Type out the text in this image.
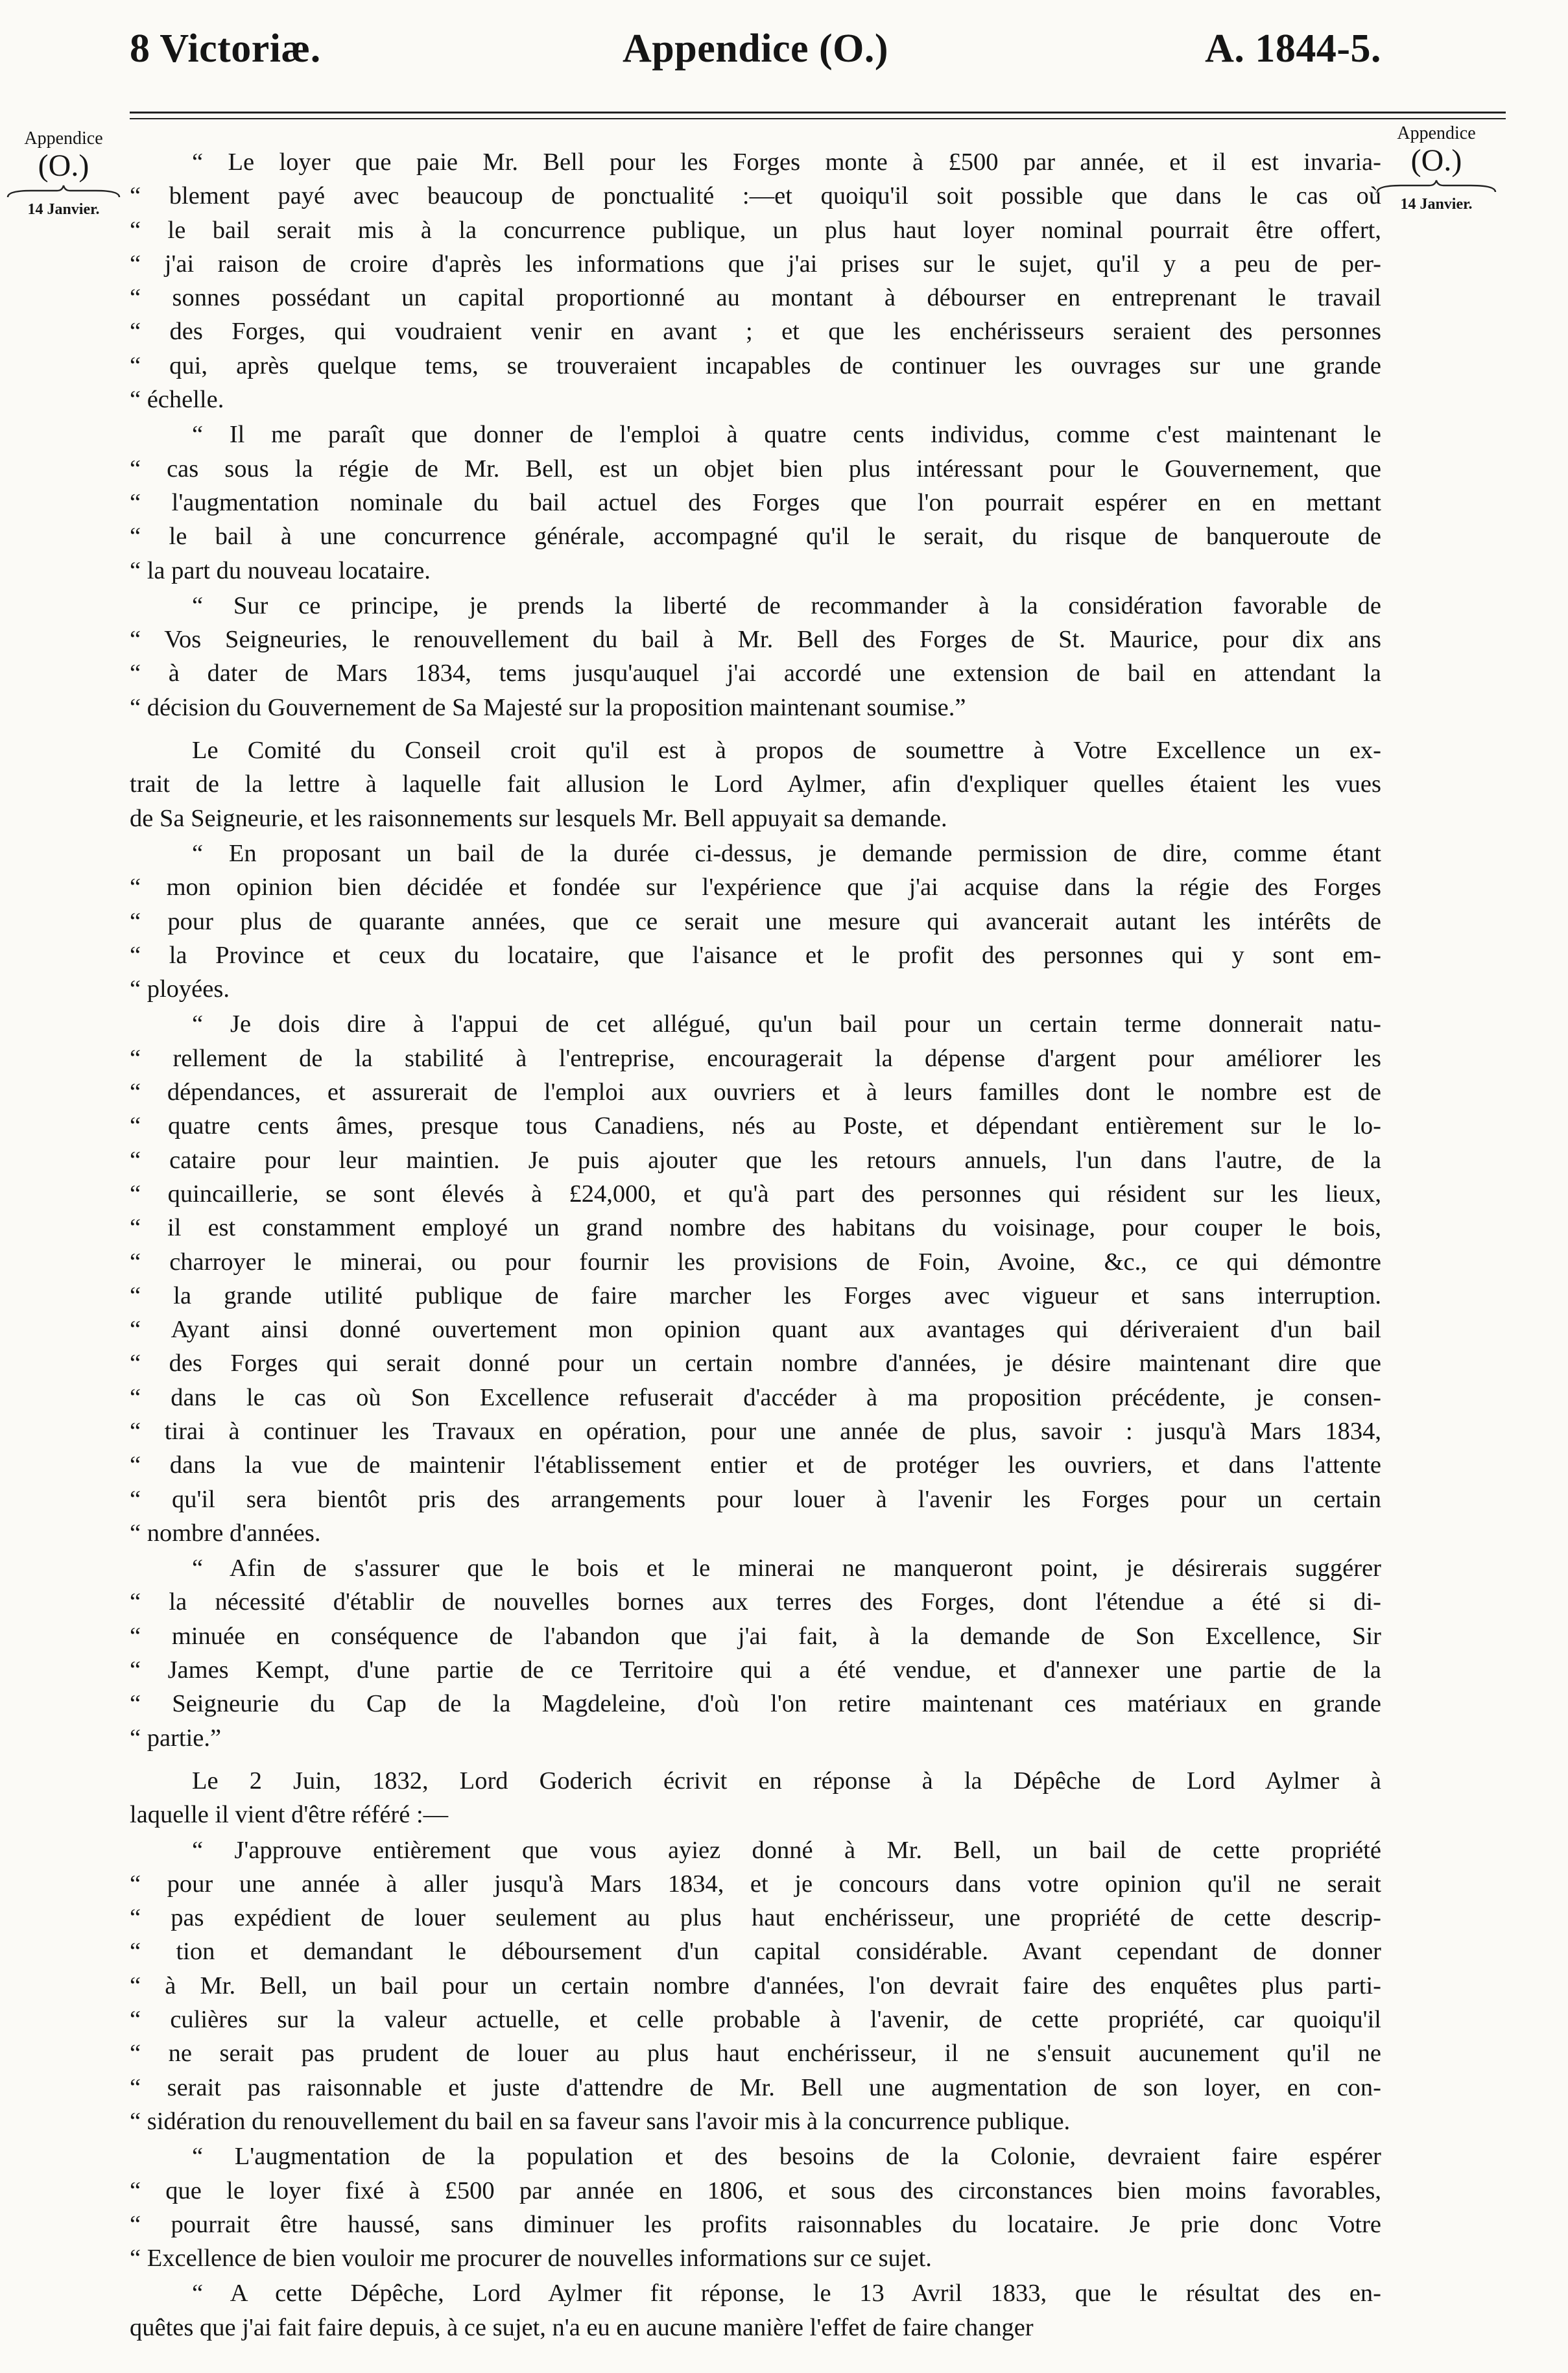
8 Victoriæ.	Appendice (O.)	A. 1844-5.
Appendice
(O.)
14 Janvier.
Appendice
(O.)
14 Janvier.

“ Le loyer que paie Mr. Bell pour les Forges monte à £500 par année, et il est invaria-
“ blement payé avec beaucoup de ponctualité :—et quoiqu'il soit possible que dans le cas où
“ le bail serait mis à la concurrence publique, un plus haut loyer nominal pourrait être offert,
“ j'ai raison de croire d'après les informations que j'ai prises sur le sujet, qu'il y a peu de per-
“ sonnes possédant un capital proportionné au montant à débourser en entreprenant le travail
“ des Forges, qui voudraient venir en avant ; et que les enchérisseurs seraient des personnes
“ qui, après quelque tems, se trouveraient incapables de continuer les ouvrages sur une grande
“ échelle.

“ Il me paraît que donner de l'emploi à quatre cents individus, comme c'est maintenant le
“ cas sous la régie de Mr. Bell, est un objet bien plus intéressant pour le Gouvernement, que
“ l'augmentation nominale du bail actuel des Forges que l'on pourrait espérer en en mettant
“ le bail à une concurrence générale, accompagné qu'il le serait, du risque de banqueroute de
“ la part du nouveau locataire.

“ Sur ce principe, je prends la liberté de recommander à la considération favorable de
“ Vos Seigneuries, le renouvellement du bail à Mr. Bell des Forges de St. Maurice, pour dix ans
“ à dater de Mars 1834, tems jusqu'auquel j'ai accordé une extension de bail en attendant la
“ décision du Gouvernement de Sa Majesté sur la proposition maintenant soumise.”

Le Comité du Conseil croit qu'il est à propos de soumettre à Votre Excellence un ex-
trait de la lettre à laquelle fait allusion le Lord Aylmer, afin d'expliquer quelles étaient les vues
de Sa Seigneurie, et les raisonnements sur lesquels Mr. Bell appuyait sa demande.

“ En proposant un bail de la durée ci-dessus, je demande permission de dire, comme étant
“ mon opinion bien décidée et fondée sur l'expérience que j'ai acquise dans la régie des Forges
“ pour plus de quarante années, que ce serait une mesure qui avancerait autant les intérêts de
“ la Province et ceux du locataire, que l'aisance et le profit des personnes qui y sont em-
“ ployées.

“ Je dois dire à l'appui de cet allégué, qu'un bail pour un certain terme donnerait natu-
“ rellement de la stabilité à l'entreprise, encouragerait la dépense d'argent pour améliorer les
“ dépendances, et assurerait de l'emploi aux ouvriers et à leurs familles dont le nombre est de
“ quatre cents âmes, presque tous Canadiens, nés au Poste, et dépendant entièrement sur le lo-
“ cataire pour leur maintien. Je puis ajouter que les retours annuels, l'un dans l'autre, de la
“ quincaillerie, se sont élevés à £24,000, et qu'à part des personnes qui résident sur les lieux,
“ il est constamment employé un grand nombre des habitans du voisinage, pour couper le bois,
“ charroyer le minerai, ou pour fournir les provisions de Foin, Avoine, &c., ce qui démontre
“ la grande utilité publique de faire marcher les Forges avec vigueur et sans interruption.
“ Ayant ainsi donné ouvertement mon opinion quant aux avantages qui dériveraient d'un bail
“ des Forges qui serait donné pour un certain nombre d'années, je désire maintenant dire que
“ dans le cas où Son Excellence refuserait d'accéder à ma proposition précédente, je consen-
“ tirai à continuer les Travaux en opération, pour une année de plus, savoir : jusqu'à Mars 1834,
“ dans la vue de maintenir l'établissement entier et de protéger les ouvriers, et dans l'attente
“ qu'il sera bientôt pris des arrangements pour louer à l'avenir les Forges pour un certain
“ nombre d'années.

“ Afin de s'assurer que le bois et le minerai ne manqueront point, je désirerais suggérer
“ la nécessité d'établir de nouvelles bornes aux terres des Forges, dont l'étendue a été si di-
“ minuée en conséquence de l'abandon que j'ai fait, à la demande de Son Excellence, Sir
“ James Kempt, d'une partie de ce Territoire qui a été vendue, et d'annexer une partie de la
“ Seigneurie du Cap de la Magdeleine, d'où l'on retire maintenant ces matériaux en grande
“ partie.”

Le 2 Juin, 1832, Lord Goderich écrivit en réponse à la Dépêche de Lord Aylmer à
laquelle il vient d'être référé :—

“ J'approuve entièrement que vous ayiez donné à Mr. Bell, un bail de cette propriété
“ pour une année à aller jusqu'à Mars 1834, et je concours dans votre opinion qu'il ne serait
“ pas expédient de louer seulement au plus haut enchérisseur, une propriété de cette descrip-
“ tion et demandant le déboursement d'un capital considérable. Avant cependant de donner
“ à Mr. Bell, un bail pour un certain nombre d'années, l'on devrait faire des enquêtes plus parti-
“ culières sur la valeur actuelle, et celle probable à l'avenir, de cette propriété, car quoiqu'il
“ ne serait pas prudent de louer au plus haut enchérisseur, il ne s'ensuit aucunement qu'il ne
“ serait pas raisonnable et juste d'attendre de Mr. Bell une augmentation de son loyer, en con-
“ sidération du renouvellement du bail en sa faveur sans l'avoir mis à la concurrence publique.

“ L'augmentation de la population et des besoins de la Colonie, devraient faire espérer
“ que le loyer fixé à £500 par année en 1806, et sous des circonstances bien moins favorables,
“ pourrait être haussé, sans diminuer les profits raisonnables du locataire. Je prie donc Votre
“ Excellence de bien vouloir me procurer de nouvelles informations sur ce sujet.

“ A cette Dépêche, Lord Aylmer fit réponse, le 13 Avril 1833, que le résultat des en-
quêtes que j'ai fait faire depuis, à ce sujet, n'a eu en aucune manière l'effet de faire changer
